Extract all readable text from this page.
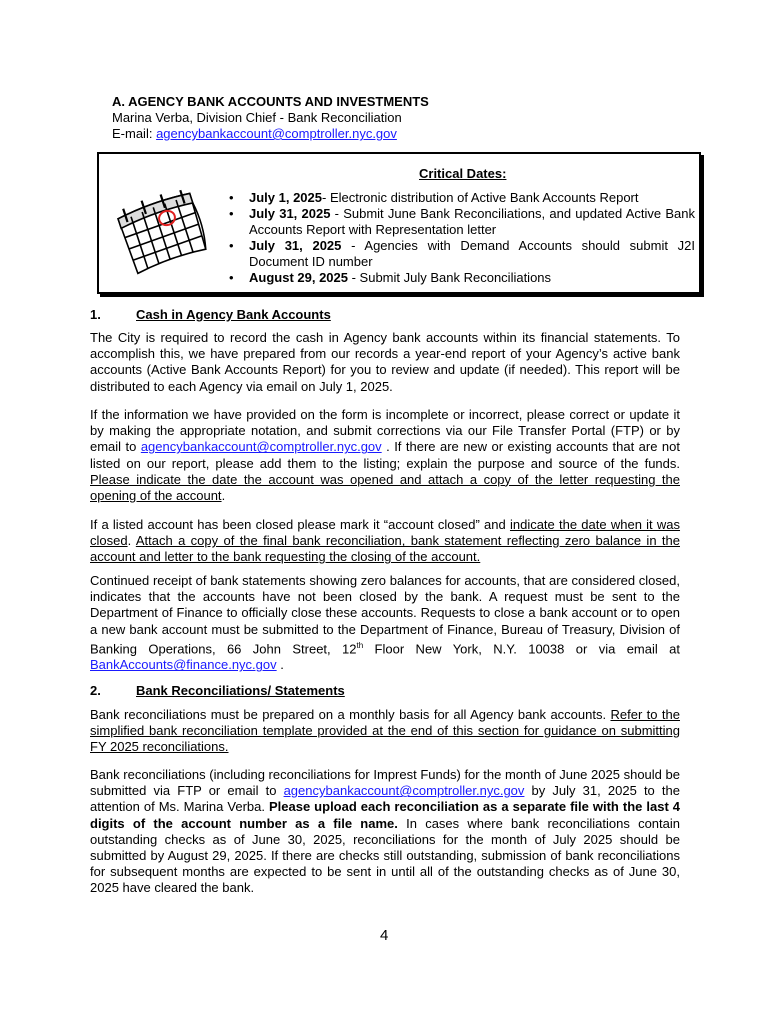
A. AGENCY BANK ACCOUNTS AND INVESTMENTS
Marina Verba, Division Chief - Bank Reconciliation
E-mail: agencybankaccount@comptroller.nyc.gov
Critical Dates:
• July 1, 2025- Electronic distribution of Active Bank Accounts Report
• July 31, 2025 - Submit June Bank Reconciliations, and updated Active Bank Accounts Report with Representation letter
• July 31, 2025 - Agencies with Demand Accounts should submit J2I Document ID number
• August 29, 2025 - Submit July Bank Reconciliations
1.	Cash in Agency Bank Accounts

The City is required to record the cash in Agency bank accounts within its financial statements. To accomplish this, we have prepared from our records a year-end report of your Agency’s active bank accounts (Active Bank Accounts Report) for you to review and update (if needed). This report will be distributed to each Agency via email on July 1, 2025.

If the information we have provided on the form is incomplete or incorrect, please correct or update it by making the appropriate notation, and submit corrections via our File Transfer Portal (FTP) or by email to agencybankaccount@comptroller.nyc.gov . If there are new or existing accounts that are not listed on our report, please add them to the listing; explain the purpose and source of the funds. Please indicate the date the account was opened and attach a copy of the letter requesting the opening of the account.

If a listed account has been closed please mark it “account closed” and indicate the date when it was closed. Attach a copy of the final bank reconciliation, bank statement reflecting zero balance in the account and letter to the bank requesting the closing of the account.

Continued receipt of bank statements showing zero balances for accounts, that are considered closed, indicates that the accounts have not been closed by the bank. A request must be sent to the Department of Finance to officially close these accounts. Requests to close a bank account or to open a new bank account must be submitted to the Department of Finance, Bureau of Treasury, Division of Banking Operations, 66 John Street, 12th Floor New York, N.Y. 10038 or via email at BankAccounts@finance.nyc.gov .

2.	Bank Reconciliations/ Statements

Bank reconciliations must be prepared on a monthly basis for all Agency bank accounts. Refer to the simplified bank reconciliation template provided at the end of this section for guidance on submitting FY 2025 reconciliations.

Bank reconciliations (including reconciliations for Imprest Funds) for the month of June 2025 should be submitted via FTP or email to agencybankaccount@comptroller.nyc.gov by July 31, 2025 to the attention of Ms. Marina Verba. Please upload each reconciliation as a separate file with the last 4 digits of the account number as a file name. In cases where bank reconciliations contain outstanding checks as of June 30, 2025, reconciliations for the month of July 2025 should be submitted by August 29, 2025. If there are checks still outstanding, submission of bank reconciliations for subsequent months are expected to be sent in until all of the outstanding checks as of June 30, 2025 have cleared the bank.

4
